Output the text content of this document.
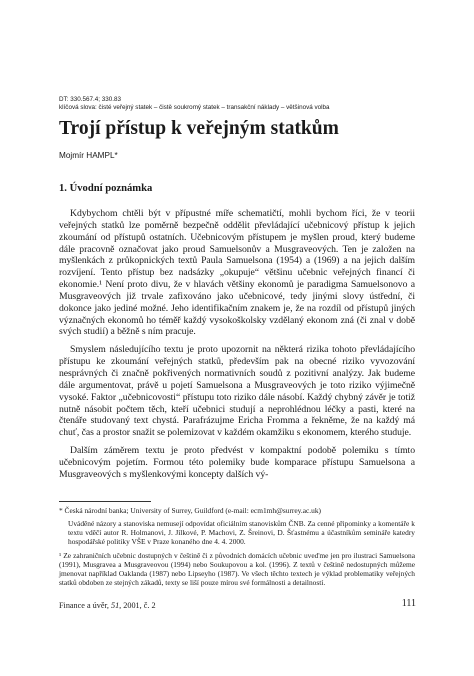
DT: 330.567.4; 330.83
klíčová slova: čisté veřejný statek – čistě soukromý statek – transakční náklady – většinová volba
Trojí přístup k veřejným statkům
Mojmír HAMPL*
1. Úvodní poznámka

Kdybychom chtěli být v přípustné míře schematičtí, mohli bychom říci, že v teorii veřejných statků lze poměrně bezpečně oddělit převládající učebnicový přístup k jejich zkoumání od přístupů ostatních. Učebnicovým přístupem je myšlen proud, který budeme dále pracovně označovat jako proud Samuelsonův a Musgraveových. Ten je založen na myšlenkách z průkopnických textů Paula Samuelsona (1954) a (1969) a na jejich dalším rozvíjení. Tento přístup bez nadsázky „okupuje“ většinu učebnic veřejných financí či ekonomie.¹ Není proto divu, že v hlavách většiny ekonomů je paradigma Samuelsonovo a Musgraveových již trvale zafixováno jako učebnicové, tedy jinými slovy ústřední, či dokonce jako jediné možné. Jeho identifikačním znakem je, že na rozdíl od přístupů jiných význačných ekonomů ho téměř každý vysokoškolsky vzdělaný ekonom zná (či znal v době svých studií) a běžně s ním pracuje.

Smyslem následujícího textu je proto upozornit na některá rizika tohoto převládajícího přístupu ke zkoumání veřejných statků, především pak na obecné riziko vyvozování nesprávných či značně pokřivených normativních soudů z pozitivní analýzy. Jak budeme dále argumentovat, právě u pojetí Samuelsona a Musgraveových je toto riziko výjimečně vysoké. Faktor „učebnicovosti“ přístupu toto riziko dále násobí. Každý chybný závěr je totiž nutně násobit počtem těch, kteří učebnici studují a neprohlédnou léčky a pasti, které na čtenáře studovaný text chystá. Parafrázujme Ericha Fromma a řekněme, že na každý má chuť, čas a prostor snažit se polemizovat v každém okamžiku s ekonomem, kterého studuje.

Dalším záměrem textu je proto předvést v kompaktní podobě polemiku s tímto učebnicovým pojetím. Formou této polemiky bude komparace přístupu Samuelsona a Musgraveových s myšlenkovými koncepty dalších vý-

* Česká národní banka; University of Surrey, Guildford (e-mail: ecm1mh@surrey.ac.uk)
Uváděné názory a stanoviska nemusejí odpovídat oficiálním stanoviskům ČNB. Za cenné připominky a komentáře k textu vděčí autor R. Holmanovi, J. Jílkové, P. Machovi, Z. Šreinovi, D. Šťastnému a účastníkům semináře katedry hospodářské politiky VŠE v Praze konaného dne 4. 4. 2000.
¹ Ze zahraničních učebnic dostupných v češtině či z původních domácích učebnic uveďme jen pro ilustraci Samuelsona (1991), Musgravea a Musgraveovou (1994) nebo Soukupovou a kol. (1996). Z textů v češtině nedostupných můžeme jmenovat například Oaklanda (1987) nebo Lipseyho (1987). Ve všech těchto textech je výklad problematiky veřejných statků obdoben ze stejných zákadů, texty se liší pouze mírou své formálnosti a detailností.
Finance a úvěr, 51, 2001, č. 2	111
